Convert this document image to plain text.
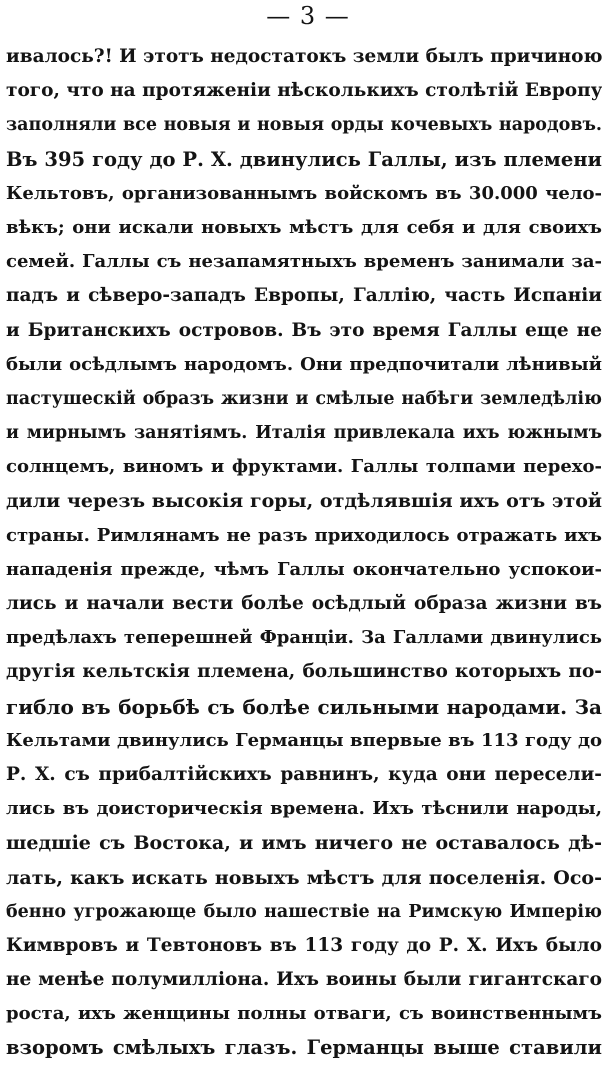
— 3 —
ивалось?! И этотъ недостатокъ земли былъ причиною
того, что на протяженіи нѣсколькихъ столѣтій Европу
заполняли все новыя и новыя орды кочевыхъ народовъ.
Въ 395 году до Р. Х. двинулись Галлы, изъ племени
Кельтовъ, организованнымъ войскомъ въ 30.000 чело-
вѣкъ; они искали новыхъ мѣстъ для себя и для своихъ
семей. Галлы съ незапамятныхъ временъ занимали за-
падъ и сѣверо-западъ Европы, Галлію, часть Испаніи
и Британскихъ островов. Въ это время Галлы еще не
были осѣдлымъ народомъ. Они предпочитали лѣнивый
пастушескій образъ жизни и смѣлые набѣги земледѣлію
и мирнымъ занятіямъ. Италія привлекала ихъ южнымъ
солнцемъ, виномъ и фруктами. Галлы толпами перехо-
дили черезъ высокія горы, отдѣлявшія ихъ отъ этой
страны. Римлянамъ не разъ приходилось отражать ихъ
нападенія прежде, чѣмъ Галлы окончательно успокои-
лись и начали вести болѣе осѣдлый образа жизни въ
предѣлахъ теперешней Франціи. За Галлами двинулись
другія кельтскія племена, большинство которыхъ по-
гибло въ борьбѣ съ болѣе сильными народами. За
Кельтами двинулись Германцы впервые въ 113 году до
Р. Х. съ прибалтійскихъ равнинъ, куда они пересели-
лись въ доисторическія времена. Ихъ тѣснили народы,
шедшіе съ Востока, и имъ ничего не оставалось дѣ-
лать, какъ искать новыхъ мѣстъ для поселенія. Осо-
бенно угрожающе было нашествіе на Римскую Имперію
Кимвровъ и Тевтоновъ въ 113 году до Р. Х. Ихъ было
не менѣе полумилліона. Ихъ воины были гигантскаго
роста, ихъ женщины полны отваги, съ воинственнымъ
взоромъ смѣлыхъ глазъ. Германцы выше ставили
